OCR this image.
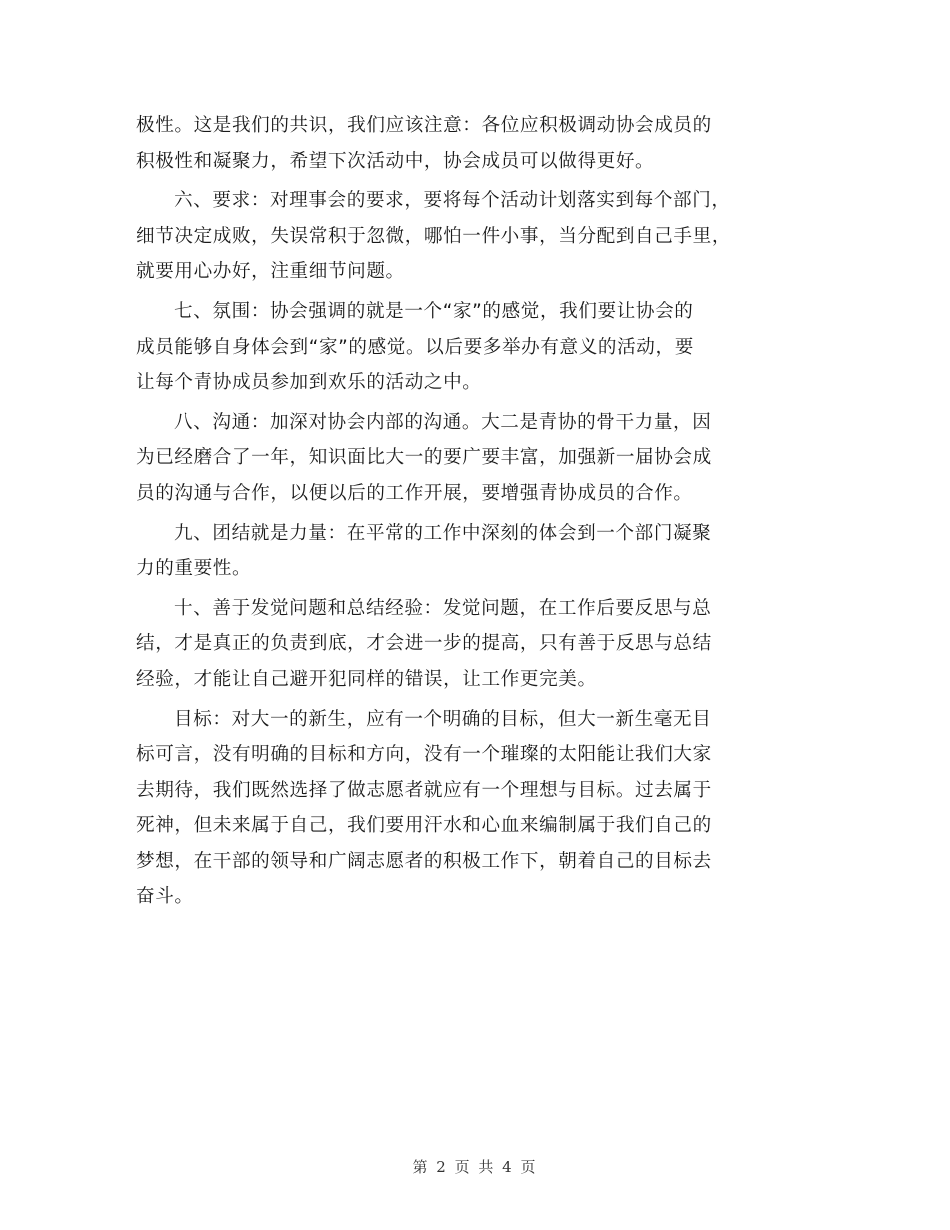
极性。这是我们的共识，我们应该注意：各位应积极调动协会成员的
积极性和凝聚力，希望下次活动中，协会成员可以做得更好。

六、要求：对理事会的要求，要将每个活动计划落实到每个部门，
细节决定成败，失误常积于忽微，哪怕一件小事，当分配到自己手里，
就要用心办好，注重细节问题。

七、氛围：协会强调的就是一个“家”的感觉，我们要让协会的
成员能够自身体会到“家”的感觉。以后要多举办有意义的活动，要
让每个青协成员参加到欢乐的活动之中。

八、沟通：加深对协会内部的沟通。大二是青协的骨干力量，因
为已经磨合了一年，知识面比大一的要广要丰富，加强新一届协会成
员的沟通与合作，以便以后的工作开展，要增强青协成员的合作。

九、团结就是力量：在平常的工作中深刻的体会到一个部门凝聚
力的重要性。

十、善于发觉问题和总结经验：发觉问题，在工作后要反思与总
结，才是真正的负责到底，才会进一步的提高，只有善于反思与总结
经验，才能让自己避开犯同样的错误，让工作更完美。

目标：对大一的新生，应有一个明确的目标，但大一新生毫无目
标可言，没有明确的目标和方向，没有一个璀璨的太阳能让我们大家
去期待，我们既然选择了做志愿者就应有一个理想与目标。过去属于
死神，但未来属于自己，我们要用汗水和心血来编制属于我们自己的
梦想，在干部的领导和广阔志愿者的积极工作下，朝着自己的目标去
奋斗。

第 2 页 共 4 页
